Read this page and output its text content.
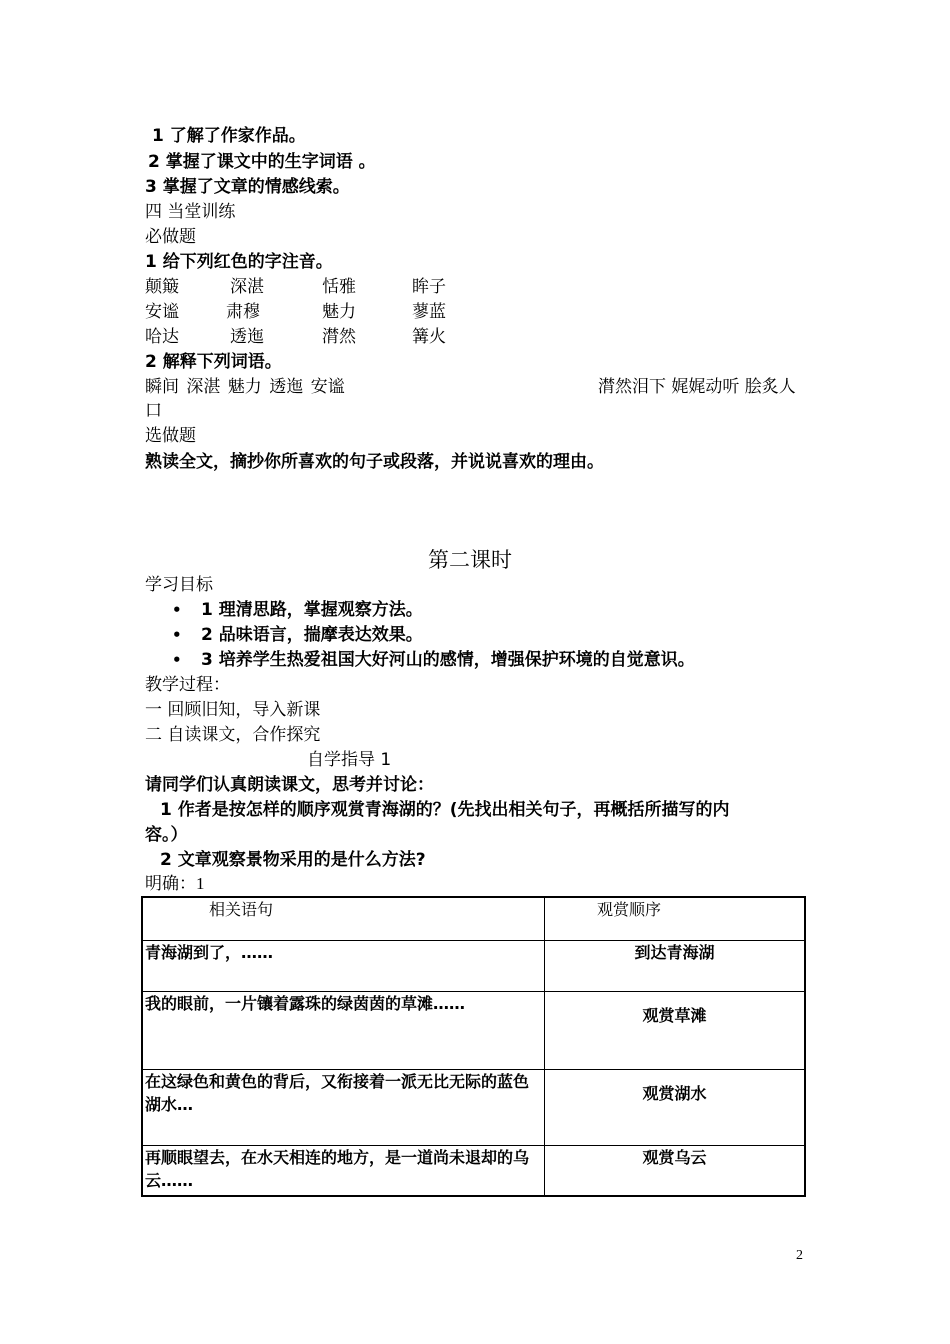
1 了解了作家作品。
2 掌握了课文中的生字词语 。
3 掌握了文章的情感线索。
四 当堂训练
必做题
1 给下列红色的字注音。
颠簸	深湛	恬雅	眸子
安谧	肃穆	魅力	蓼蓝
哈达	透迤	潸然	篝火
2 解释下列词语。
瞬间 深湛 魅力 透迤 安谧	潸然泪下 娓娓动听 脍炙人
口
选做题
熟读全文，摘抄你所喜欢的句子或段落，并说说喜欢的理由。
第二课时
学习目标
• 1 理清思路，掌握观察方法。
• 2 品味语言，揣摩表达效果。
• 3 培养学生热爱祖国大好河山的感情，增强保护环境的自觉意识。
教学过程：
一 回顾旧知，导入新课
二 自读课文，合作探究
自学指导 1
请同学们认真朗读课文，思考并讨论：
1 作者是按怎样的顺序观赏青海湖的？(先找出相关句子，再概括所描写的内
容。）
2 文章观察景物采用的是什么方法?
明确：1
相关语句	观赏顺序
青海湖到了，……	到达青海湖
我的眼前，一片镶着露珠的绿茵茵的草滩……	观赏草滩
在这绿色和黄色的背后，又衔接着一派无比无际的蓝色湖水…	观赏湖水
再顺眼望去，在水天相连的地方，是一道尚未退却的乌云……	观赏乌云
2
